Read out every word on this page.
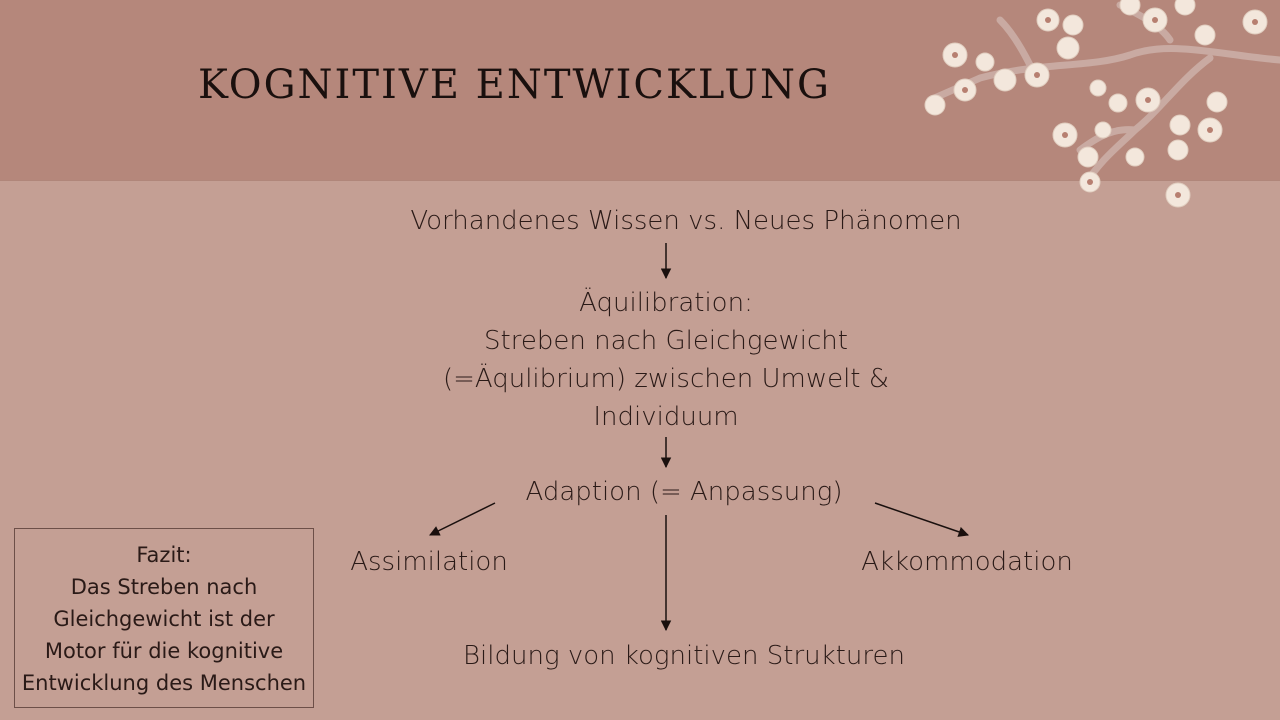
KOGNITIVE ENTWICKLUNG
Vorhandenes Wissen vs. Neues Phänomen
Äquilibration:
Streben nach Gleichgewicht
(=Äqulibrium) zwischen Umwelt &
Individuum
Adaption (= Anpassung)
Assimilation	Akkommodation
Bildung von kognitiven Strukturen
Fazit:
Das Streben nach
Gleichgewicht ist der
Motor für die kognitive
Entwicklung des Menschen
